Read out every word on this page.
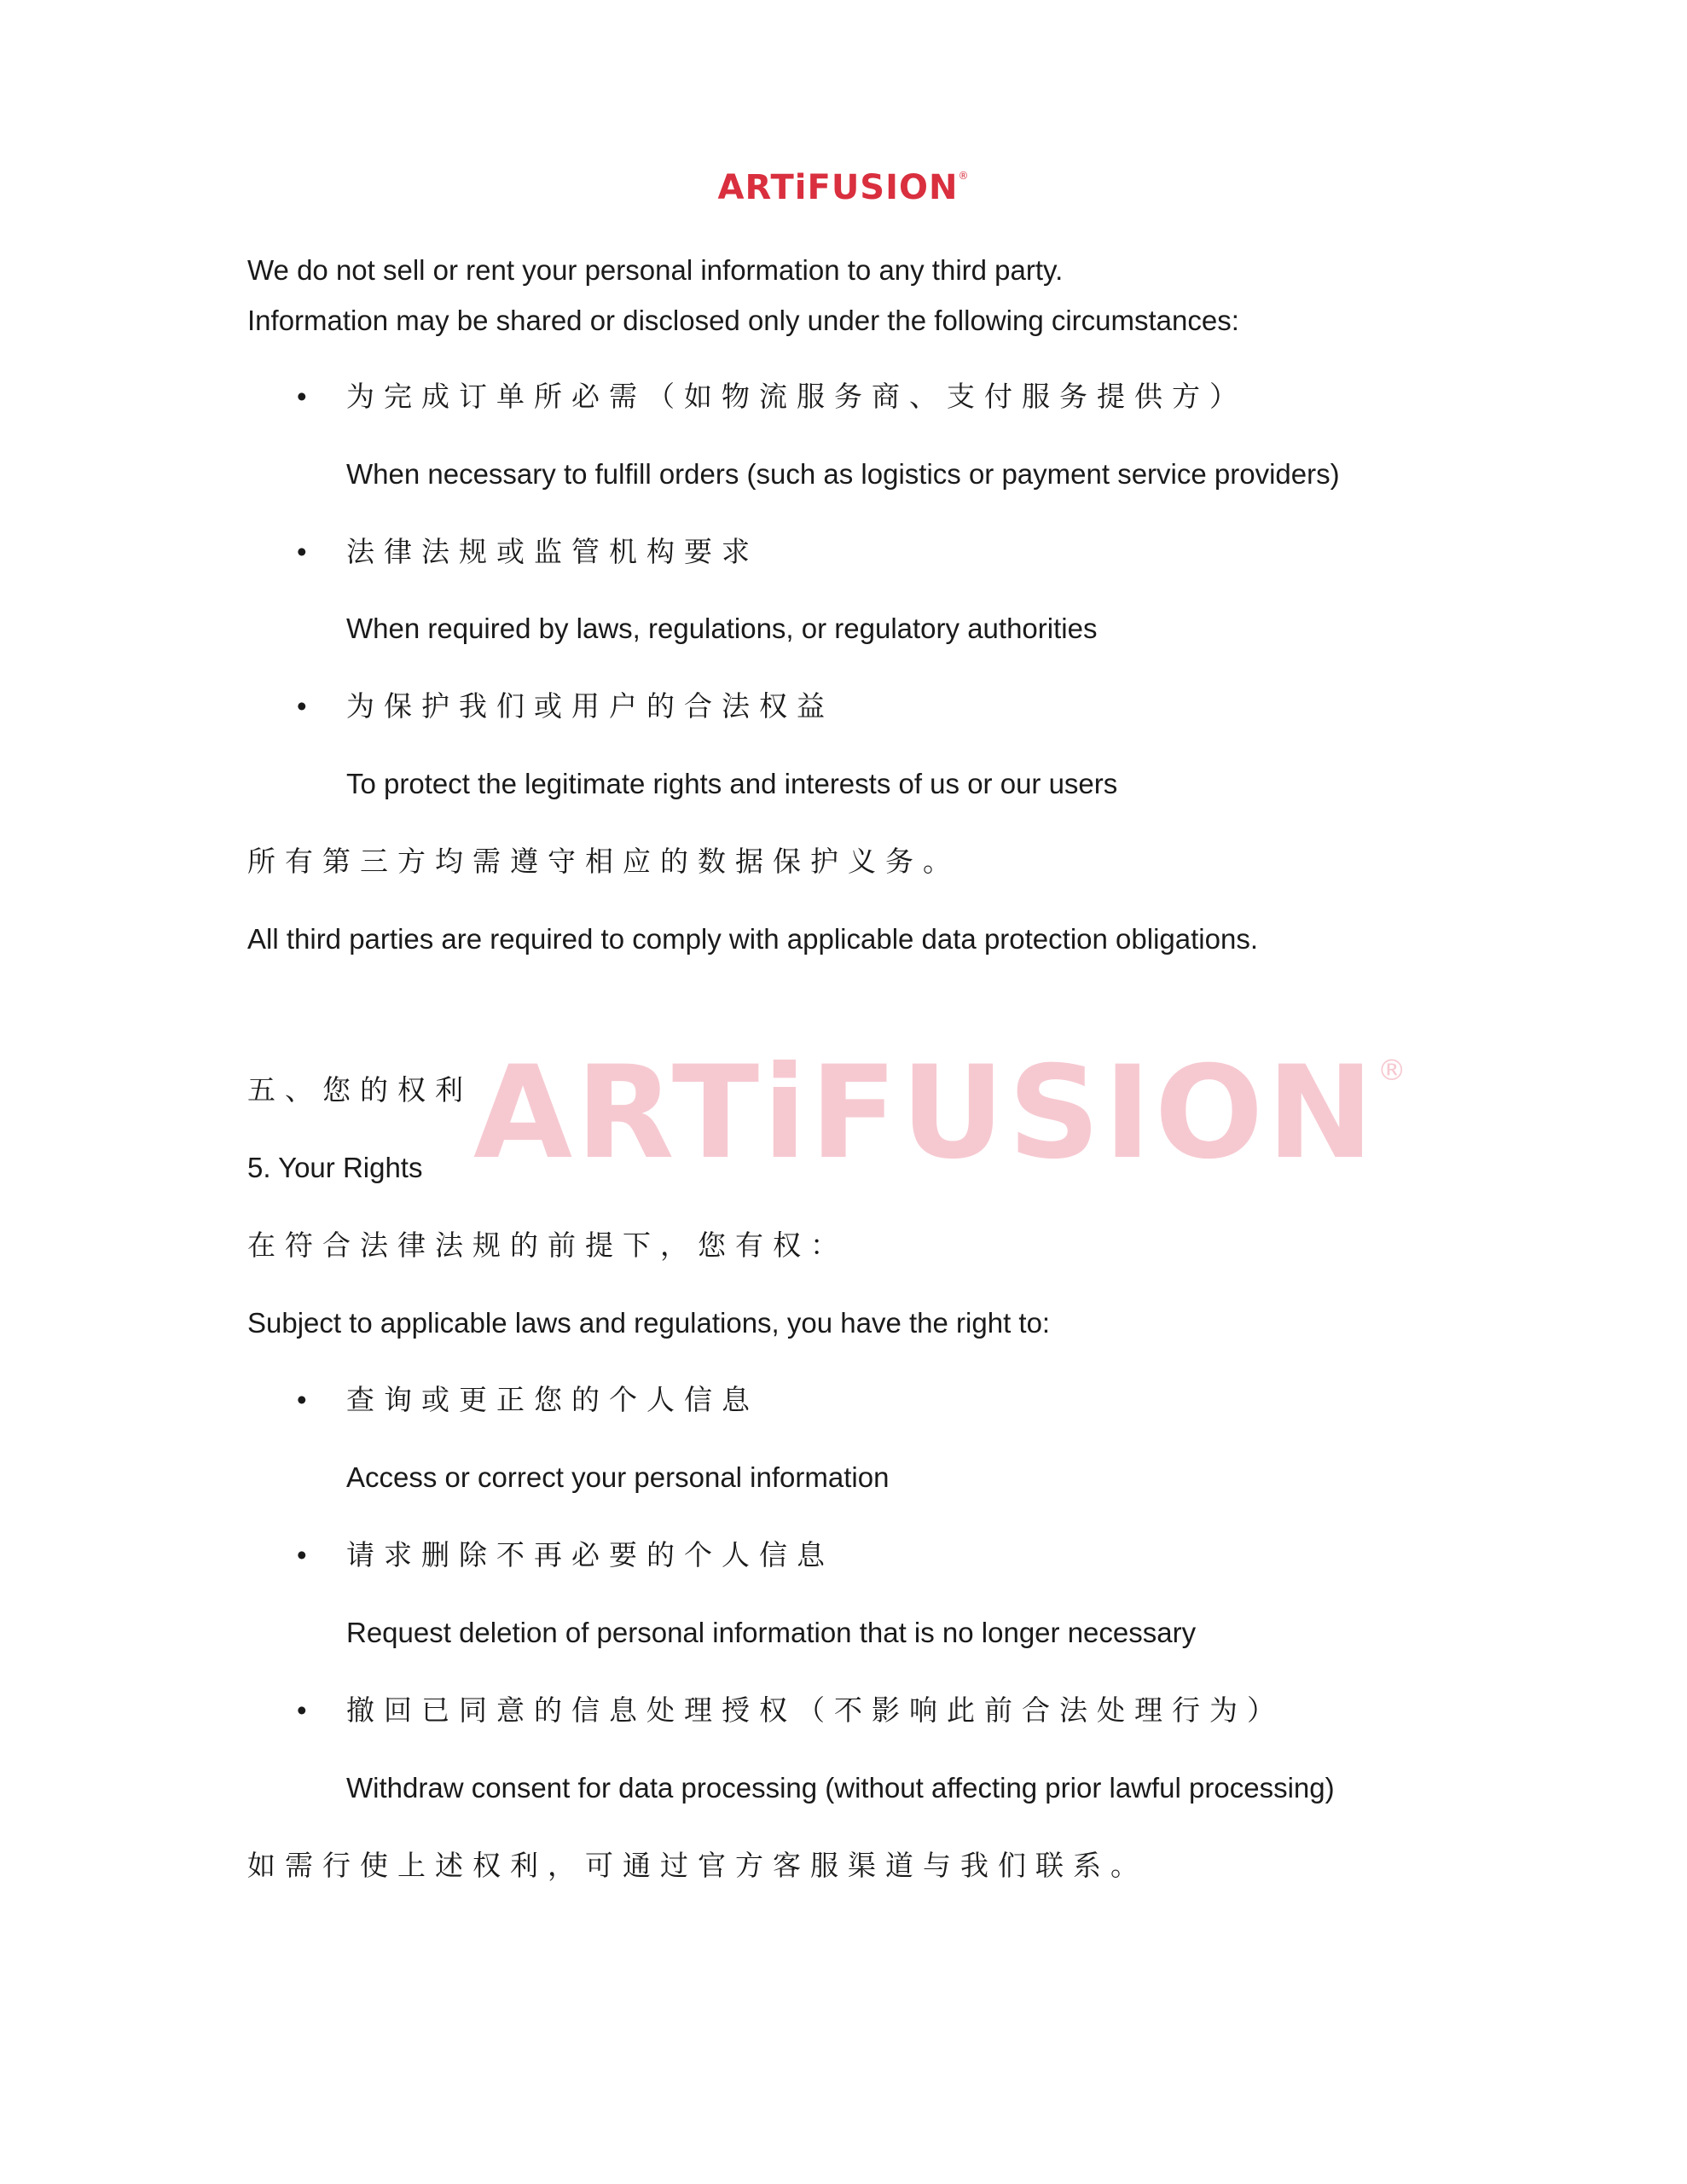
ARTiFUSION®
ARTiFUSION®

We do not sell or rent your personal information to any third party.

Information may be shared or disclosed only under the following circumstances:

• 为完成订单所必需（如物流服务商、支付服务提供方）

When necessary to fulfill orders (such as logistics or payment service providers)

• 法律法规或监管机构要求

When required by laws, regulations, or regulatory authorities

• 为保护我们或用户的合法权益

To protect the legitimate rights and interests of us or our users

所有第三方均需遵守相应的数据保护义务。

All third parties are required to comply with applicable data protection obligations.

五、您的权利

5. Your Rights

在符合法律法规的前提下，您有权：

Subject to applicable laws and regulations, you have the right to:

• 查询或更正您的个人信息

Access or correct your personal information

• 请求删除不再必要的个人信息

Request deletion of personal information that is no longer necessary

• 撤回已同意的信息处理授权（不影响此前合法处理行为）

Withdraw consent for data processing (without affecting prior lawful processing)

如需行使上述权利，可通过官方客服渠道与我们联系。
